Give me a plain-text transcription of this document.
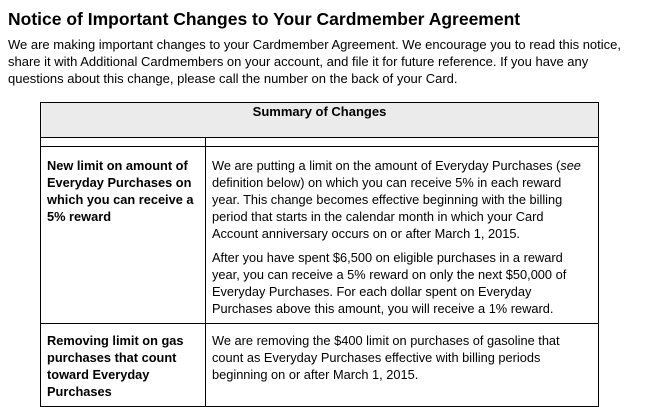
Notice of Important Changes to Your Cardmember Agreement

We are making important changes to your Cardmember Agreement. We encourage you to read this notice, share it with Additional Cardmembers on your account, and file it for future reference. If you have any questions about this change, please call the number on the back of your Card.

Summary of Changes	

New limit on amount of Everyday Purchases on which you can receive a 5% reward	We are putting a limit on the amount of Everyday Purchases (see definition below) on which you can receive 5% in each reward year. This change becomes effective beginning with the billing period that starts in the calendar month in which your Card Account anniversary occurs on or after March 1, 2015.

After you have spent $6,500 on eligible purchases in a reward year, you can receive a 5% reward on only the next $50,000 of Everyday Purchases. For each dollar spent on Everyday Purchases above this amount, you will receive a 1% reward.

Removing limit on gas purchases that count toward Everyday Purchases	We are removing the $400 limit on purchases of gasoline that count as Everyday Purchases effective with billing periods beginning on or after March 1, 2015.
